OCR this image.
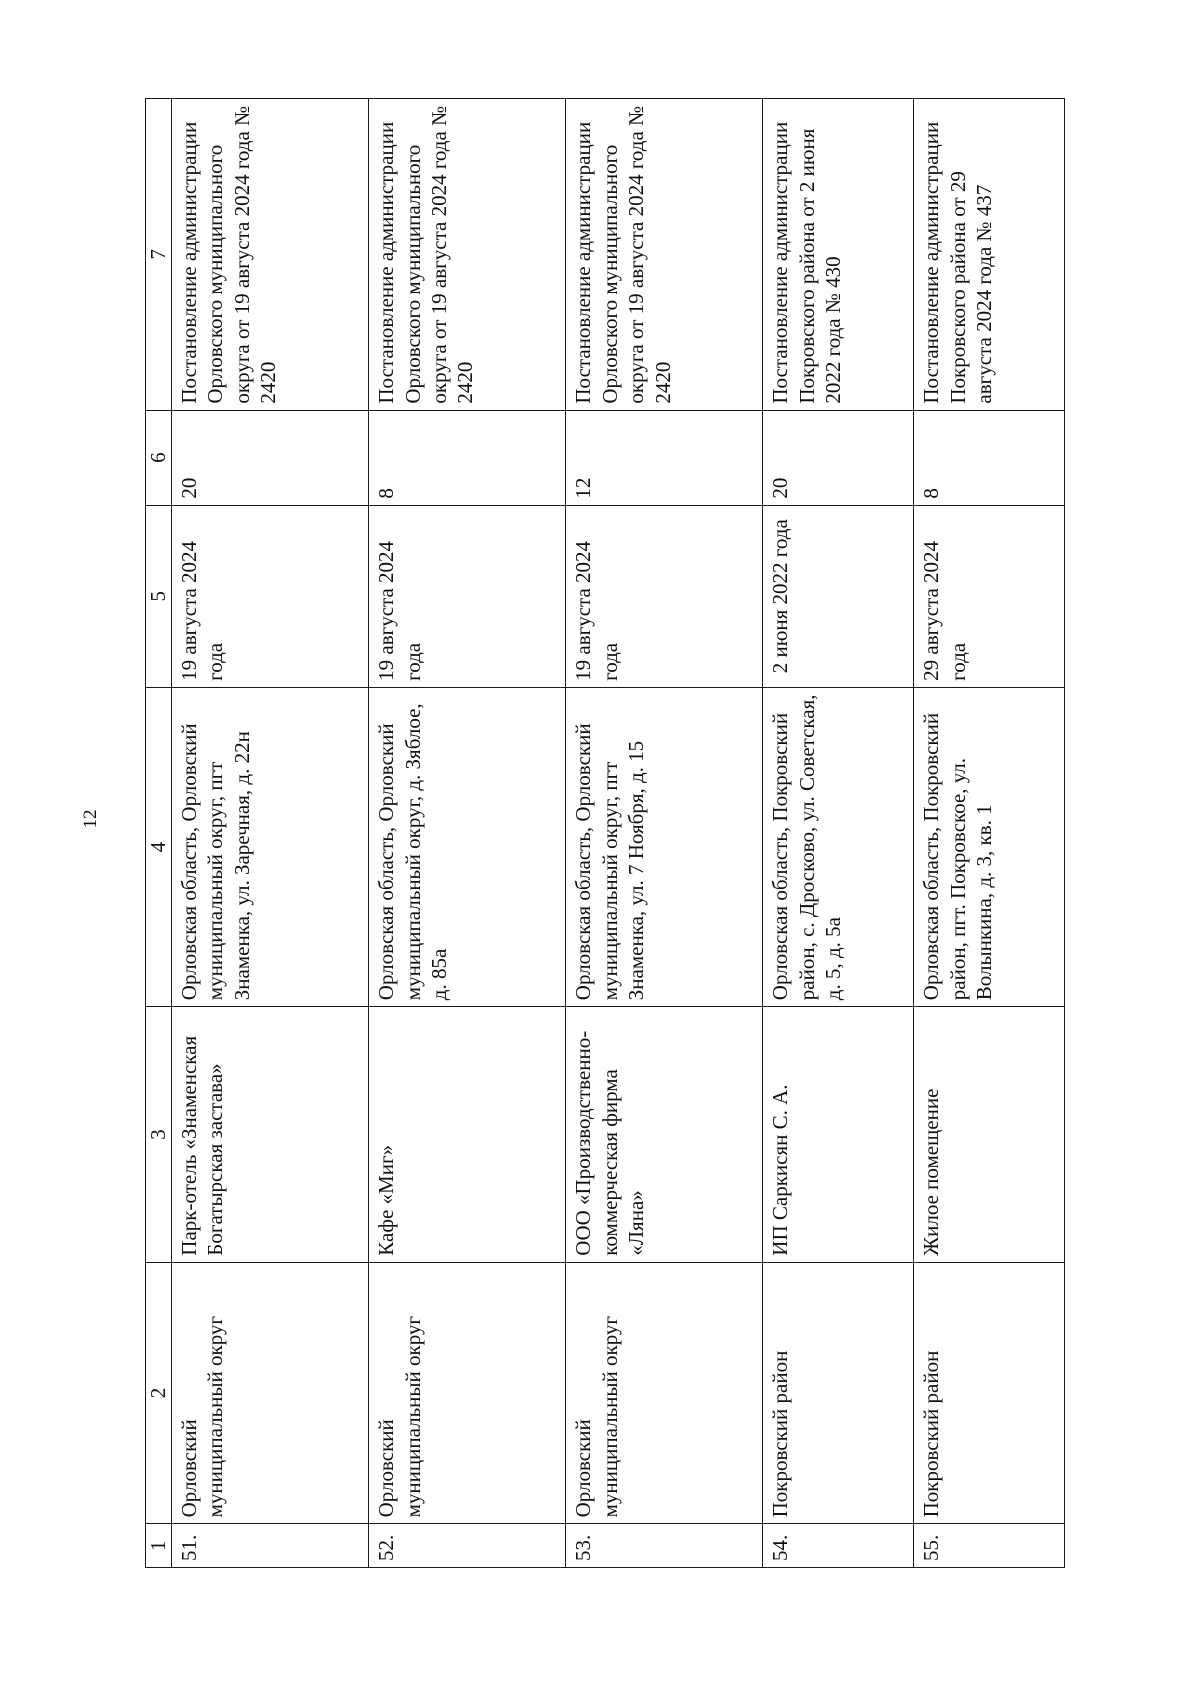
12
1	2	3	4	5	6	7
51.	Орловский муниципальный округ	Парк-отель «Знаменская Богатырская застава»	Орловская область, Орловский муниципальный округ, пгт Знаменка, ул. Заречная, д. 22н	19 августа 2024 года	20	Постановление администрации Орловского муниципального округа от 19 августа 2024 года № 2420
52.	Орловский муниципальный округ	Кафе «Миг»	Орловская область, Орловский муниципальный округ, д. Зяблое, д. 85а	19 августа 2024 года	8	Постановление администрации Орловского муниципального округа от 19 августа 2024 года № 2420
53.	Орловский муниципальный округ	ООО «Производственно-коммерческая фирма «Ляна»	Орловская область, Орловский муниципальный округ, пгт Знаменка, ул. 7 Ноября, д. 15	19 августа 2024 года	12	Постановление администрации Орловского муниципального округа от 19 августа 2024 года № 2420
54.	Покровский район	ИП Саркисян С. А.	Орловская область, Покровский район, с. Дросково, ул. Советская, д. 5, д. 5а	2 июня 2022 года	20	Постановление администрации Покровского района от 2 июня 2022 года № 430
55.	Покровский район	Жилое помещение	Орловская область, Покровский район, пгт. Покровское, ул. Волынкина, д. 3, кв. 1	29 августа 2024 года	8	Постановление администрации Покровского района от 29 августа 2024 года № 437
